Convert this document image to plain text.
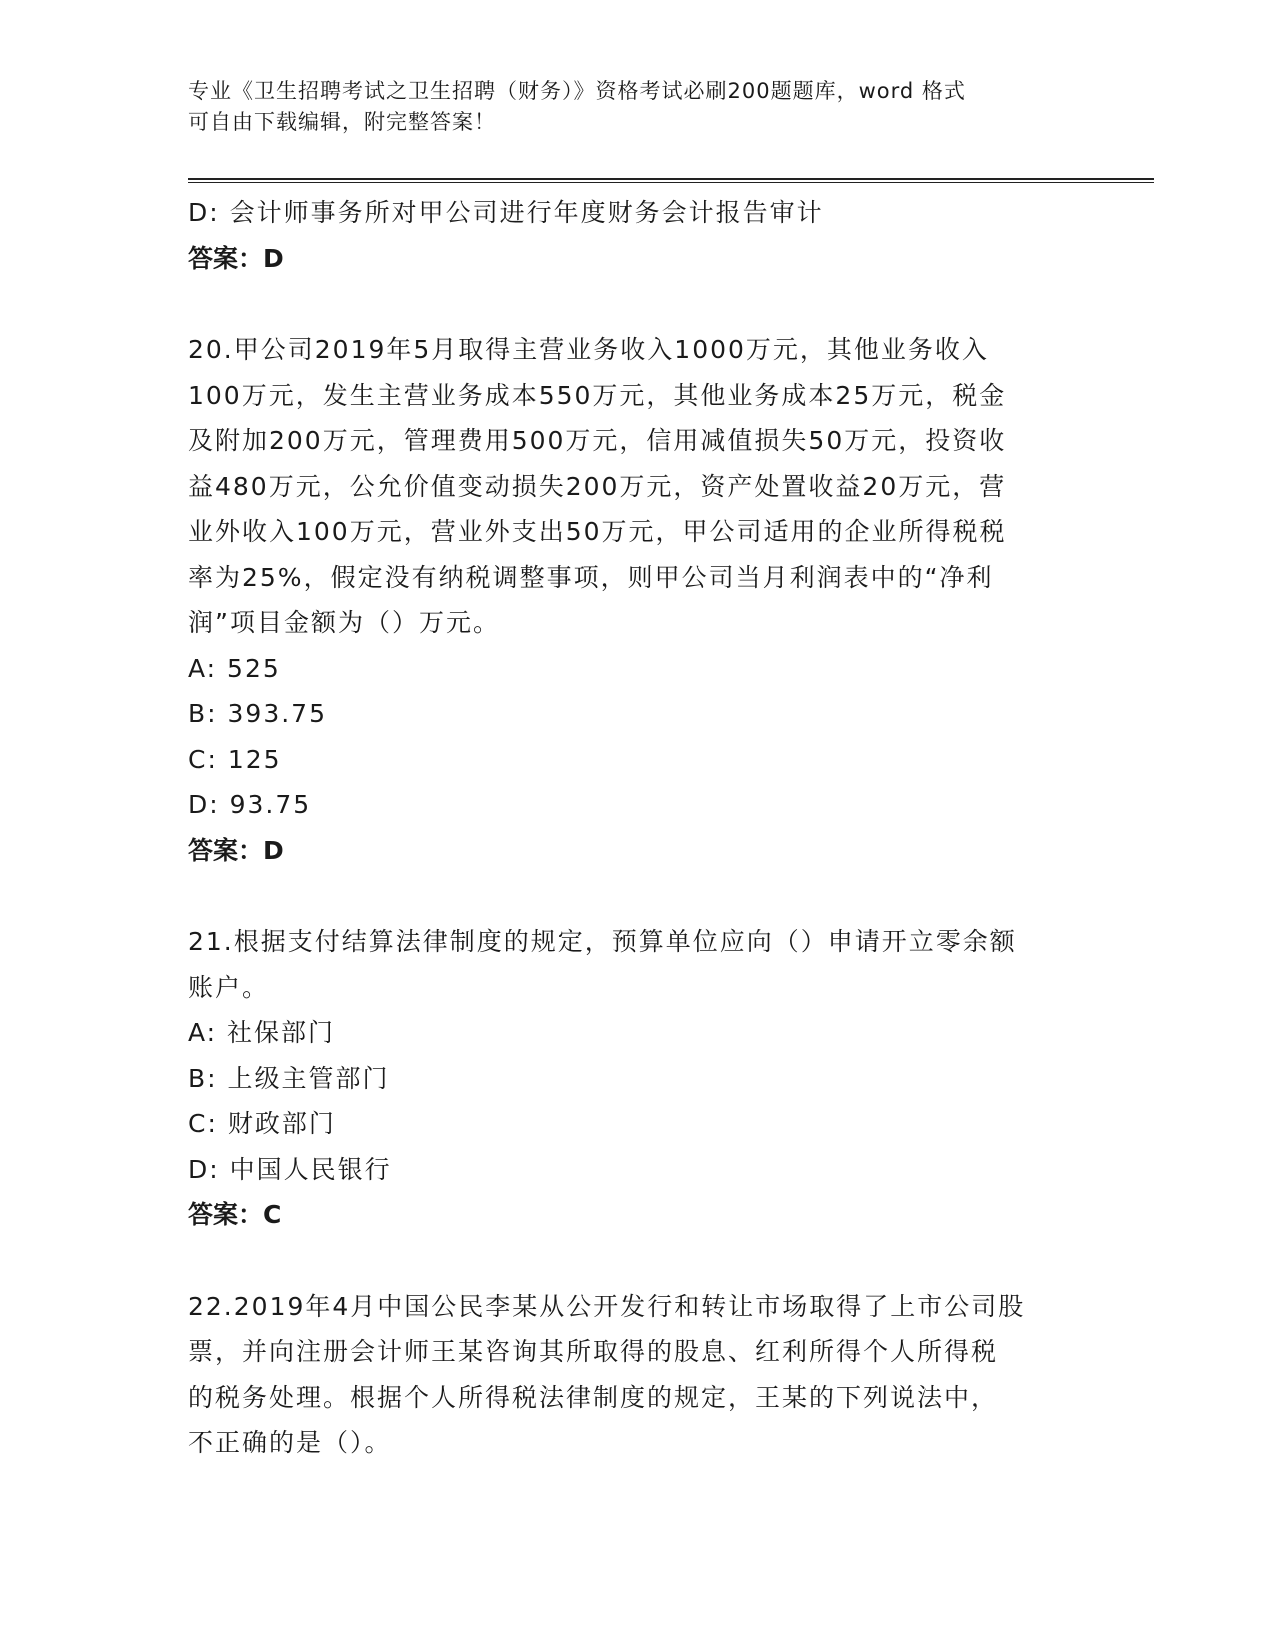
专业《卫生招聘考试之卫生招聘（财务）》资格考试必刷200题题库，word 格式
可自由下载编辑，附完整答案！
D: 会计师事务所对甲公司进行年度财务会计报告审计
答案：D
20.甲公司2019年5月取得主营业务收入1000万元，其他业务收入
100万元，发生主营业务成本550万元，其他业务成本25万元，税金
及附加200万元，管理费用500万元，信用减值损失50万元，投资收
益480万元，公允价值变动损失200万元，资产处置收益20万元，营
业外收入100万元，营业外支出50万元，甲公司适用的企业所得税税
率为25%，假定没有纳税调整事项，则甲公司当月利润表中的“净利
润”项目金额为（）万元。
A: 525
B: 393.75
C: 125
D: 93.75
答案：D
21.根据支付结算法律制度的规定，预算单位应向（）申请开立零余额
账户。
A: 社保部门
B: 上级主管部门
C: 财政部门
D: 中国人民银行
答案：C
22.2019年4月中国公民李某从公开发行和转让市场取得了上市公司股
票，并向注册会计师王某咨询其所取得的股息、红利所得个人所得税
的税务处理。根据个人所得税法律制度的规定，王某的下列说法中，
不正确的是（）。
